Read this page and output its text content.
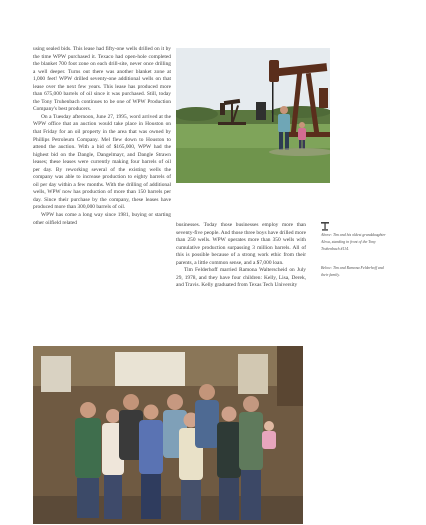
using sealed bids. This lease had fifty-one wells drilled on it by the time WPW purchased it. Texaco had open-hole completed the blanket 700 foot zone on each drill-site, never once drilling a well deeper. Turns out there was another blanket zone at 1,000 feet! WPW drilled seventy-one additional wells on that lease over the next few years. This lease has produced more than 675,000 barrels of oil since it was purchased. Still, today the Tony Truhenbach continues to be one of WPW Production Company's best producers.

On a Tuesday afternoon, June 27, 1995, word arrived at the WPW office that an auction would take place in Houston on that Friday for an oil property in the area that was owned by Phillips Petroleum Company. Mel flew down to Houston to attend the auction. With a bid of $165,000, WPW had the highest bid on the Dangle, Dangelmayr, and Dangle Strawn leases; these leases were currently making four barrels of oil per day. By reworking several of the existing wells the company was able to increase production to eighty barrels of oil per day within a few months. With the drilling of additional wells, WPW now has production of more than 150 barrels per day. Since their purchase by the company, these leases have produced more than 300,000 barrels of oil.

WPW has come a long way since 1981, buying or starting other oilfield related	businesses. Today those businesses employ more than seventy-five people. And those three boys have drilled more than 250 wells. WPW operates more than 350 wells with cumulative production surpassing 3 million barrels. All of this is possible because of a strong work ethic from their parents, a little common sense, and a $7,000 loan.

Tim Felderhoff married Ramona Walterscheid on July 29, 1978, and they have four children: Kelly, Lisa, Derek, and Travis. Kelly graduated from Texas Tech University

Above: Tim and his oldest granddaughter Alexa, standing in front of the Tony Truhenbach #114.

Below: Tim and Ramona Felderhoff and their family.
